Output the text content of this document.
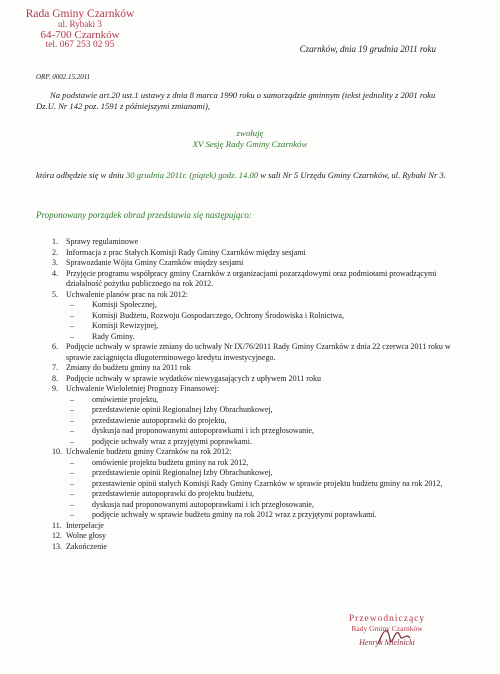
Rada Gminy Czarnków
ul. Rybaki 3
64-700 Czarnków
tel. 067 253 02 95	Czarnków, dnia 19 grudnia 2011 roku
ORP. 0002.15.2011
Na podstawie art.20 ust.1 ustawy z dnia 8 marca 1990 roku o samorządzie gminnym (tekst jednolity z 2001 roku Dz.U. Nr 142 poz. 1591 z późniejszymi zmianami),
zwołuję
XV Sesję Rady Gminy Czarnków
która odbędzie się w dniu 30 grudnia 2011r. (piątek) godz. 14.00 w sali Nr 5 Urzędu Gminy Czarnków, ul. Rybaki Nr 3.
Proponowany porządek obrad przedstawia się następująco:
1. Sprawy regulaminowe
2. Informacja z prac Stałych Komisji Rady Gminy Czarnków między sesjami
3. Sprawozdanie Wójta Gminy Czarnków między sesjami
4. Przyjęcie programu współpracy gminy Czarnków z organizacjami pozarządowymi oraz podmiotami prowadzącymi działalność pożytku publicznego na rok 2012.
5. Uchwalenie planów prac na rok 2012:
– Komisji Społecznej,
– Komisji Budżetu, Rozwoju Gospodarczego, Ochrony Środowiska i Rolnictwa,
– Komisji Rewizyjnej,
– Rady Gminy.
6. Podjęcie uchwały w sprawie zmiany do uchwały Nr IX/76/2011 Rady Gminy Czarnków z dnia 22 czerwca 2011 roku w sprawie zaciągnięcia długoterminowego kredytu inwestycyjnego.
7. Zmiany do budżetu gminy na 2011 rok
8. Podjęcie uchwały w sprawie wydatków niewygasających z upływem 2011 roku
9. Uchwalenie Wieloletniej Prognozy Finansowej:
– omówienie projektu,
– przedstawienie opinii Regionalnej Izby Obrachunkowej,
– przedstawienie autopoprawki do projektu,
– dyskusja nad proponowanymi autopoprawkami i ich przegłosowanie,
– podjęcie uchwały wraz z przyjętymi poprawkami.
10. Uchwalenie budżetu gminy Czarnków na rok 2012:
– omówienie projektu budżetu gminy na rok 2012,
– przedstawienie opinii Regionalnej Izby Obrachunkowej,
– przestawienie opinii stałych Komisji Rady Gminy Czarnków w sprawie projektu budżetu gminy na rok 2012,
– przedstawienie autopoprawki do projektu budżetu,
– dyskusja nad proponowanymi autopoprawkami i ich przegłosowanie,
– podjęcie uchwały w sprawie budżetu gminy na rok 2012 wraz z przyjętymi poprawkami.
11. Interpelacje
12. Wolne głosy
13. Zakończenie
Przewodniczący
Rady Gminy Czarnków
Henryk Mielnicki
